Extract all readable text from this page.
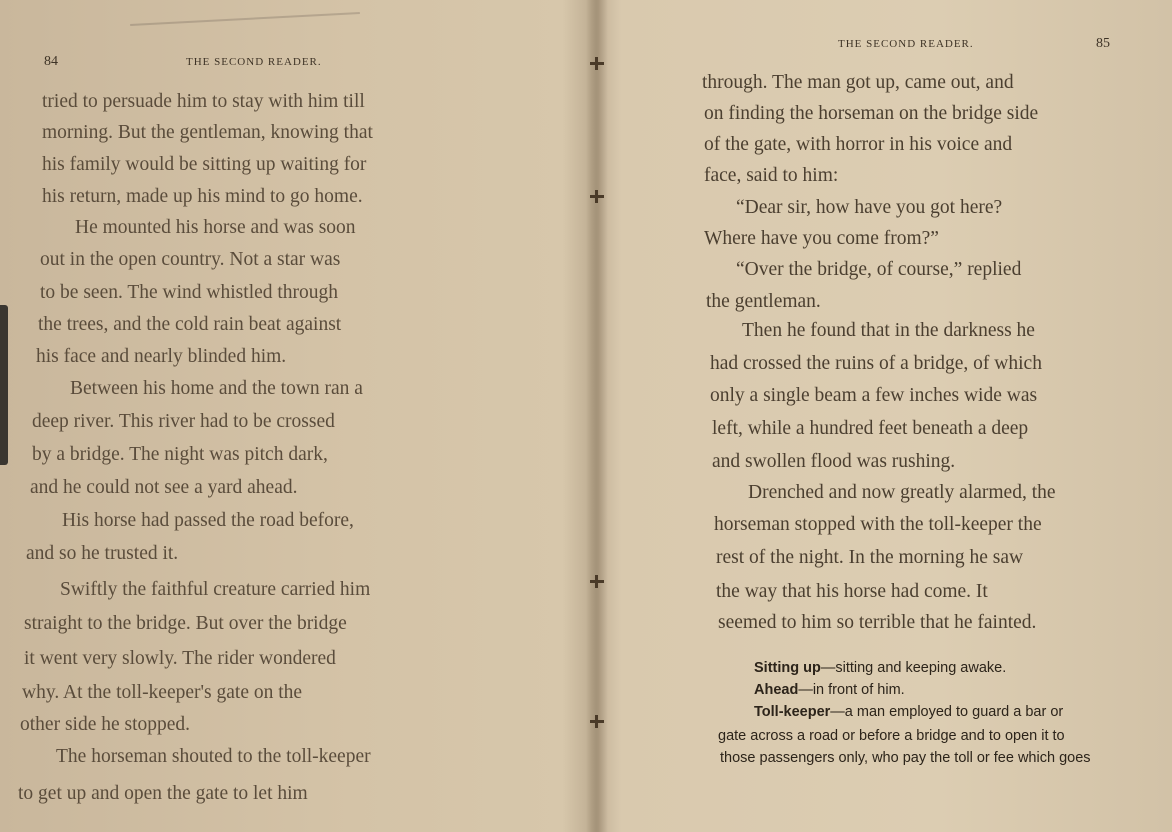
84	THE SECOND READER.
tried to persuade him to stay with him till
morning. But the gentleman, knowing that
his family would be sitting up waiting for
his return, made up his mind to go home.
He mounted his horse and was soon
out in the open country. Not a star was
to be seen. The wind whistled through
the trees, and the cold rain beat against
his face and nearly blinded him.
Between his home and the town ran a
deep river. This river had to be crossed
by a bridge. The night was pitch dark,
and he could not see a yard ahead.
His horse had passed the road before,
and so he trusted it.
Swiftly the faithful creature carried him
straight to the bridge. But over the bridge
it went very slowly. The rider wondered
why. At the toll-keeper's gate on the
other side he stopped.
The horseman shouted to the toll-keeper
to get up and open the gate to let him
THE SECOND READER.	85
through. The man got up, came out, and
on finding the horseman on the bridge side
of the gate, with horror in his voice and
face, said to him:
“Dear sir, how have you got here?
Where have you come from?”
“Over the bridge, of course,” replied
the gentleman.
Then he found that in the darkness he
had crossed the ruins of a bridge, of which
only a single beam a few inches wide was
left, while a hundred feet beneath a deep
and swollen flood was rushing.
Drenched and now greatly alarmed, the
horseman stopped with the toll-keeper the
rest of the night. In the morning he saw
the way that his horse had come. It
seemed to him so terrible that he fainted.
Sitting up—sitting and keeping awake.
Ahead—in front of him.
Toll-keeper—a man employed to guard a bar or
gate across a road or before a bridge and to open it to
those passengers only, who pay the toll or fee which goes
